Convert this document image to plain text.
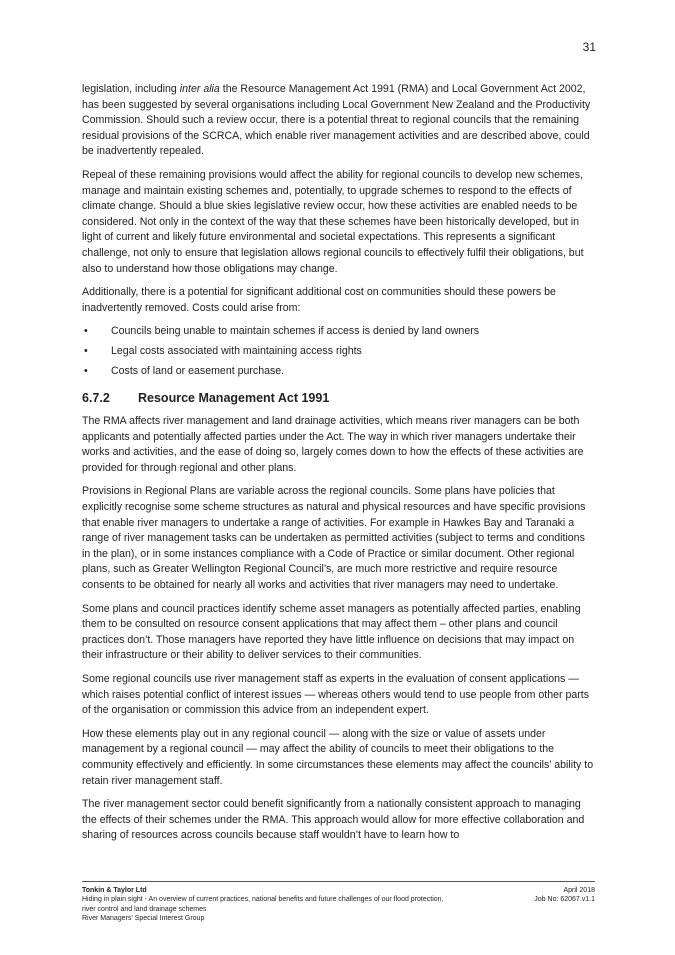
31

legislation, including inter alia the Resource Management Act 1991 (RMA) and Local Government Act 2002, has been suggested by several organisations including Local Government New Zealand and the Productivity Commission. Should such a review occur, there is a potential threat to regional councils that the remaining residual provisions of the SCRCA, which enable river management activities and are described above, could be inadvertently repealed.

Repeal of these remaining provisions would affect the ability for regional councils to develop new schemes, manage and maintain existing schemes and, potentially, to upgrade schemes to respond to the effects of climate change. Should a blue skies legislative review occur, how these activities are enabled needs to be considered. Not only in the context of the way that these schemes have been historically developed, but in light of current and likely future environmental and societal expectations. This represents a significant challenge, not only to ensure that legislation allows regional councils to effectively fulfil their obligations, but also to understand how those obligations may change.

Additionally, there is a potential for significant additional cost on communities should these powers be inadvertently removed. Costs could arise from:

• Councils being unable to maintain schemes if access is denied by land owners
• Legal costs associated with maintaining access rights
• Costs of land or easement purchase.
6.7.2	Resource Management Act 1991

The RMA affects river management and land drainage activities, which means river managers can be both applicants and potentially affected parties under the Act. The way in which river managers undertake their works and activities, and the ease of doing so, largely comes down to how the effects of these activities are provided for through regional and other plans.

Provisions in Regional Plans are variable across the regional councils. Some plans have policies that explicitly recognise some scheme structures as natural and physical resources and have specific provisions that enable river managers to undertake a range of activities. For example in Hawkes Bay and Taranaki a range of river management tasks can be undertaken as permitted activities (subject to terms and conditions in the plan), or in some instances compliance with a Code of Practice or similar document. Other regional plans, such as Greater Wellington Regional Council’s, are much more restrictive and require resource consents to be obtained for nearly all works and activities that river managers may need to undertake.

Some plans and council practices identify scheme asset managers as potentially affected parties, enabling them to be consulted on resource consent applications that may affect them – other plans and council practices don’t. Those managers have reported they have little influence on decisions that may impact on their infrastructure or their ability to deliver services to their communities.

Some regional councils use river management staff as experts in the evaluation of consent applications — which raises potential conflict of interest issues — whereas others would tend to use people from other parts of the organisation or commission this advice from an independent expert.

How these elements play out in any regional council — along with the size or value of assets under management by a regional council — may affect the ability of councils to meet their obligations to the community effectively and efficiently. In some circumstances these elements may affect the councils’ ability to retain river management staff.

The river management sector could benefit significantly from a nationally consistent approach to managing the effects of their schemes under the RMA. This approach would allow for more effective collaboration and sharing of resources across councils because staff wouldn’t have to learn how to

Tonkin & Taylor Ltd
Hiding in plain sight - An overview of current practices, national benefits and future challenges of our flood protection, river control and land drainage schemes
River Managers' Special Interest Group
April 2018
Job No: 62067.v1.1
